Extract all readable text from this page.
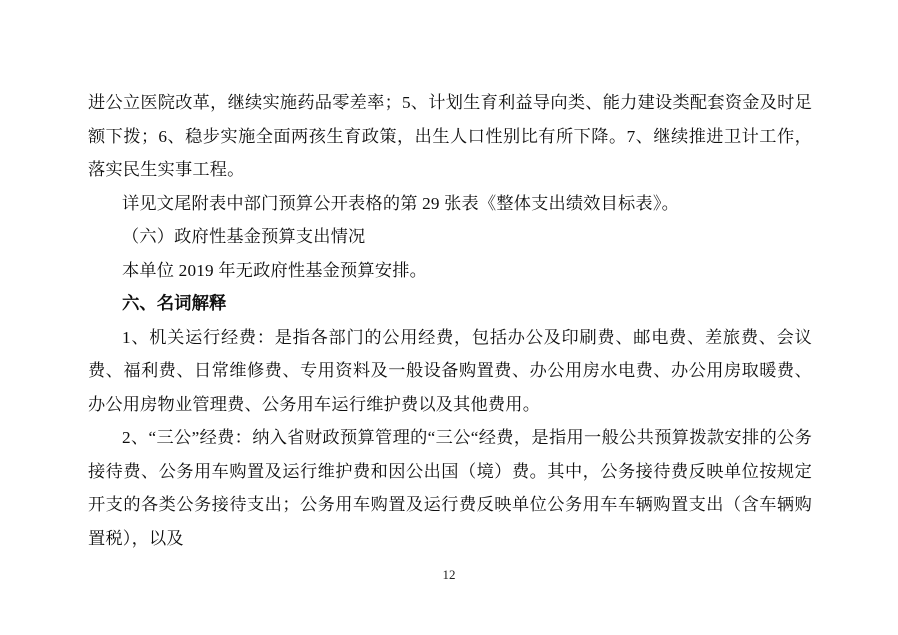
进公立医院改革，继续实施药品零差率；5、计划生育利益导向类、能力建设类配套资金及时足额下拨；6、稳步实施全面两孩生育政策，出生人口性别比有所下降。7、继续推进卫计工作，落实民生实事工程。

详见文尾附表中部门预算公开表格的第 29 张表《整体支出绩效目标表》。

（六）政府性基金预算支出情况

本单位 2019 年无政府性基金预算安排。

六、名词解释

1、机关运行经费：是指各部门的公用经费，包括办公及印刷费、邮电费、差旅费、会议费、福利费、日常维修费、专用资料及一般设备购置费、办公用房水电费、办公用房取暖费、办公用房物业管理费、公务用车运行维护费以及其他费用。

2、“三公”经费：纳入省财政预算管理的“三公“经费，是指用一般公共预算拨款安排的公务接待费、公务用车购置及运行维护费和因公出国（境）费。其中，公务接待费反映单位按规定开支的各类公务接待支出；公务用车购置及运行费反映单位公务用车车辆购置支出（含车辆购置税），以及

12
